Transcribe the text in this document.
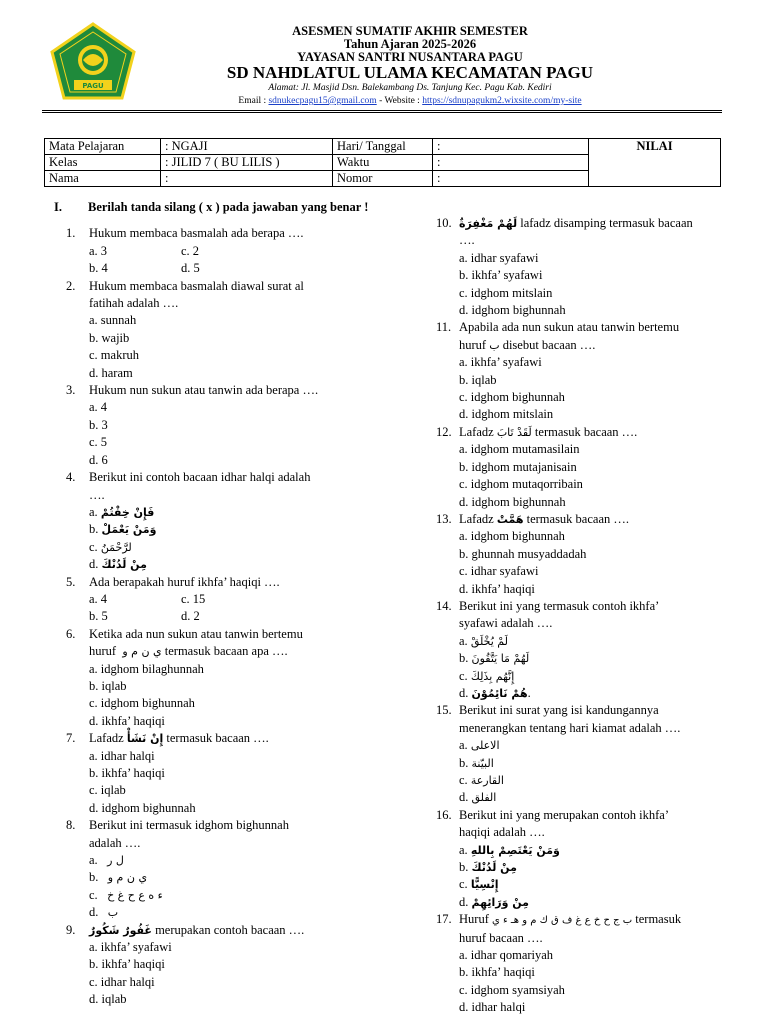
PAGU
ASESMEN SUMATIF AKHIR SEMESTER
Tahun Ajaran 2025-2026
YAYASAN SANTRI NUSANTARA PAGU
SD NAHDLATUL ULAMA KECAMATAN PAGU
Alamat: Jl. Masjid Dsn. Balekambang Ds. Tanjung Kec. Pagu Kab. Kediri
Email : sdnukecpagu15@gmail.com - Website : https://sdnupagukm2.wixsite.com/my-site
Mata Pelajaran	: NGAJI	Hari/ Tanggal	:	NILAI
Kelas	: JILID 7 ( BU LILIS )	Waktu	:	
Nama	:	Nomor	:	
I. Berilah tanda silang ( x ) pada jawaban yang benar !
1. Hukum membaca basmalah ada berapa ….
a. 3	c. 2
b. 4	d. 5
2. Hukum membaca basmalah diawal surat al
fatihah adalah ….
a. sunnah
b. wajib
c. makruh
d. haram
3. Hukum nun sukun atau tanwin ada berapa ….
a. 4
b. 3
c. 5
d. 6
4. Berikut ini contoh bacaan idhar halqi adalah
….
a. فَإِنْ خِفْتُمْ
b. وَمَنْ يَعْمَلْ
c. لرَّحْمَنُ
d. مِنْ لَدُنْكَ
5. Ada berapakah huruf ikhfa’ haqiqi ….
a. 4	c. 15
b. 5	d. 2
6. Ketika ada nun sukun atau tanwin bertemu
huruf ي ن م و termasuk bacaan apa ….
a. idghom bilaghunnah
b. iqlab
c. idghom bighunnah
d. ikhfa’ haqiqi
7. Lafadz إِنْ نَشَأْ termasuk bacaan ….
a. idhar halqi
b. ikhfa’ haqiqi
c. iqlab
d. idghom bighunnah
8. Berikut ini termasuk idghom bighunnah
adalah ….
a. ل ر
b. ي ن م و
c. ء ه ع ح غ خ
d. ب
9. غَفُورٌ شَكُورٌ merupakan contoh bacaan ….
a. ikhfa’ syafawi
b. ikhfa’ haqiqi
c. idhar halqi
d. iqlab
10. لَهُمْ مَغْفِرَةٌ lafadz disamping termasuk bacaan
….
a. idhar syafawi
b. ikhfa’ syafawi
c. idghom mitslain
d. idghom bighunnah
11. Apabila ada nun sukun atau tanwin bertemu
huruf ب disebut bacaan ….
a. ikhfa’ syafawi
b. iqlab
c. idghom bighunnah
d. idghom mitslain
12. Lafadz لَقَدْ تَابَ termasuk bacaan ….
a. idghom mutamasilain
b. idghom mutajanisain
c. idghom mutaqorribain
d. idghom bighunnah
13. Lafadz هَمَّتْ termasuk bacaan ….
a. idghom bighunnah
b. ghunnah musyaddadah
c. idhar syafawi
d. ikhfa’ haqiqi
14. Berikut ini yang termasuk contoh ikhfa’
syafawi adalah ….
a. لَمْ يُخْلَقْ
b. لَهُمْ مَا يَتَّقُونَ
c. إِنَّهُم بِذَلِكَ
d. هُمْ نَائِمُوْنَ.
15. Berikut ini surat yang isi kandungannya
menerangkan tentang hari kiamat adalah ….
a. الاعلى
b. البيّنة
c. القارعة
d. الفلق
16. Berikut ini yang merupakan contoh ikhfa’
haqiqi adalah ….
a. وَمَنْ يَعْتَصِمْ بِاللهِ
b. مِنْ لَدُنْكَ
c. إِنْسِيًّا
d. مِنْ وَرَائِهِمْ
17. Huruf ب ج ح خ ع غ ف ق ك م و هـ ء ي termasuk
huruf bacaan ….
a. idhar qomariyah
b. ikhfa’ haqiqi
c. idghom syamsiyah
d. idhar halqi
